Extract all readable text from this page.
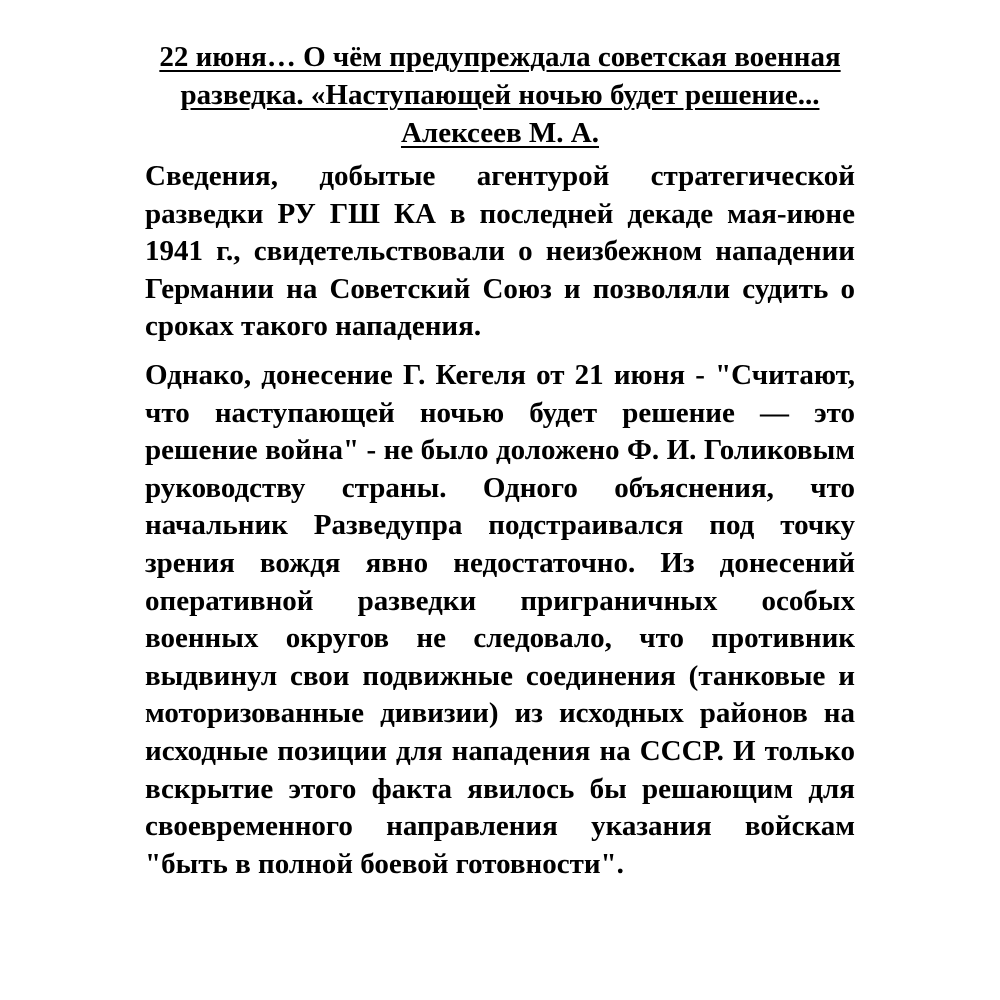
22 июня… О чём предупреждала советская военная разведка. «Наступающей ночью будет решение... Алексеев М. А.

Сведения, добытые агентурой стратегической разведки РУ ГШ КА в последней декаде мая-июне 1941 г., свидетельствовали о неизбежном нападении Германии на Советский Союз и позволяли судить о сроках такого нападения.

Однако, донесение Г. Кегеля от 21 июня - "Считают, что наступающей ночью будет решение — это решение война" - не было доложено Ф. И. Голиковым руководству страны. Одного объяснения, что начальник Разведупра подстраивался под точку зрения вождя явно недостаточно. Из донесений оперативной разведки приграничных особых военных округов не следовало, что противник выдвинул свои подвижные соединения (танковые и моторизованные дивизии) из исходных районов на исходные позиции для нападения на СССР. И только вскрытие этого факта явилось бы решающим для своевременного направления указания войскам "быть в полной боевой готовности".
